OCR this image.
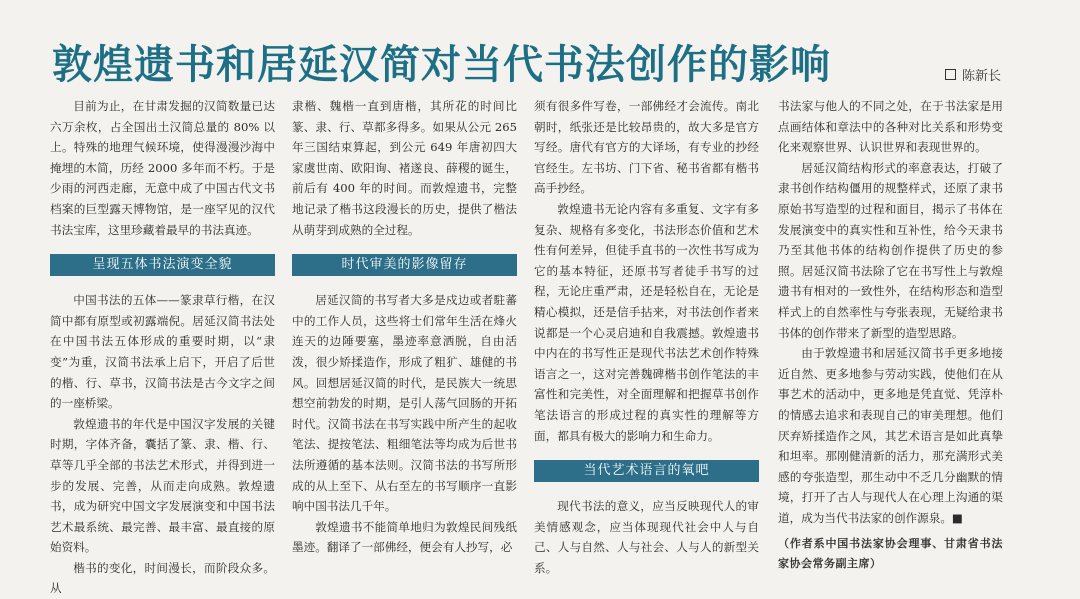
敦煌遗书和居延汉简对当代书法创作的影响	陈新长

目前为止，在甘肃发掘的汉简数量已达六万余枚，占全国出土汉简总量的 80% 以上。特殊的地理气候环境，使得漫漫沙海中掩埋的木简，历经 2000 多年而不朽。于是少雨的河西走廊，无意中成了中国古代文书档案的巨型露天博物馆，是一座罕见的汉代书法宝库，这里珍藏着最早的书法真迹。

呈现五体书法演变全貌

中国书法的五体——篆隶草行楷，在汉简中都有原型或初露端倪。居延汉简书法处在中国书法五体形成的重要时期，以“隶变”为重，汉简书法承上启下，开启了后世的楷、行、草书，汉简书法是古今文字之间的一座桥梁。

敦煌遗书的年代是中国汉字发展的关键时期，字体齐备，囊括了篆、隶、楷、行、草等几乎全部的书法艺术形式，并得到进一步的发展、完善，从而走向成熟。敦煌遗书，成为研究中国文字发展演变和中国书法艺术最系统、最完善、最丰富、最直接的原始资料。

楷书的变化，时间漫长，而阶段众多。从

隶楷、魏楷一直到唐楷，其所花的时间比篆、隶、行、草都多得多。如果从公元 265 年三国结束算起，到公元 649 年唐初四大家虞世南、欧阳询、褚遂良、薛稷的诞生，前后有 400 年的时间。而敦煌遗书，完整地记录了楷书这段漫长的历史，提供了楷法从萌芽到成熟的全过程。

时代审美的影像留存

居延汉简的书写者大多是戍边或者駐蕃中的工作人员，这些将士们常年生活在烽火连天的边陲要塞，墨迹率意洒脱，自由活泼，很少矫揉造作，形成了粗犷、雄健的书风。回想居延汉简的时代，是民族大一统思想空前勃发的时期，是引人荡气回肠的开拓时代。汉简书法在书写实践中所产生的起收笔法、提按笔法、粗细笔法等均成为后世书法所遵循的基本法则。汉简书法的书写所形成的从上至下、从右至左的书写顺序一直影响中国书法几千年。

敦煌遗书不能简单地归为敦煌民间残纸墨迹。翻译了一部佛经，便会有人抄写，必

须有很多件写卷，一部佛经才会流传。南北朝时，纸张还是比较昂贵的，故大多是官方写经。唐代有官方的大译场，有专业的抄经官经生。左书坊、门下省、秘书省都有楷书高手抄经。

敦煌遗书无论内容有多重复、文字有多复杂、规格有多变化，书法形态价值和艺术性有何差异，但徒手直书的一次性书写成为它的基本特征，还原书写者徒手书写的过程，无论庄重严肃，还是轻松自在，无论是精心模拟，还是信手拈来，对书法创作者来说都是一个心灵启迪和自我震撼。敦煌遗书中内在的书写性正是现代书法艺术创作特殊语言之一，这对完善魏碑楷书创作笔法的丰富性和完美性，对全面理解和把握草书创作笔法语言的形成过程的真实性的理解等方面，都具有极大的影响力和生命力。

当代艺术语言的氧吧

现代书法的意义，应当反映现代人的审美情感观念，应当体现现代社会中人与自己、人与自然、人与社会、人与人的新型关系。

书法家与他人的不同之处，在于书法家是用点画结体和章法中的各种对比关系和形势变化来观察世界、认识世界和表现世界的。

居延汉简结构形式的率意表达，打破了隶书创作结构僵用的规整样式，还原了隶书原始书写造型的过程和面目，揭示了书体在发展演变中的真实性和互补性，给今天隶书乃至其他书体的结构创作提供了历史的参照。居延汉简书法除了它在书写性上与敦煌遗书有相对的一致性外，在结构形态和造型样式上的自然率性与夸张表现，无疑给隶书书体的创作带来了新型的造型思路。

由于敦煌遗书和居延汉简书手更多地接近自然、更多地参与劳动实践，使他们在从事艺术的活动中，更多地是凭直觉、凭淳朴的情感去追求和表现自己的审美理想。他们厌弃矫揉造作之风，其艺术语言是如此真挚和坦率。那刚健清新的活力，那充满形式美感的夸张造型，那生动中不乏几分幽默的情境，打开了古人与现代人在心理上沟通的渠道，成为当代书法家的创作源泉。■

（作者系中国书法家协会理事、甘肃省书法家协会常务副主席）
